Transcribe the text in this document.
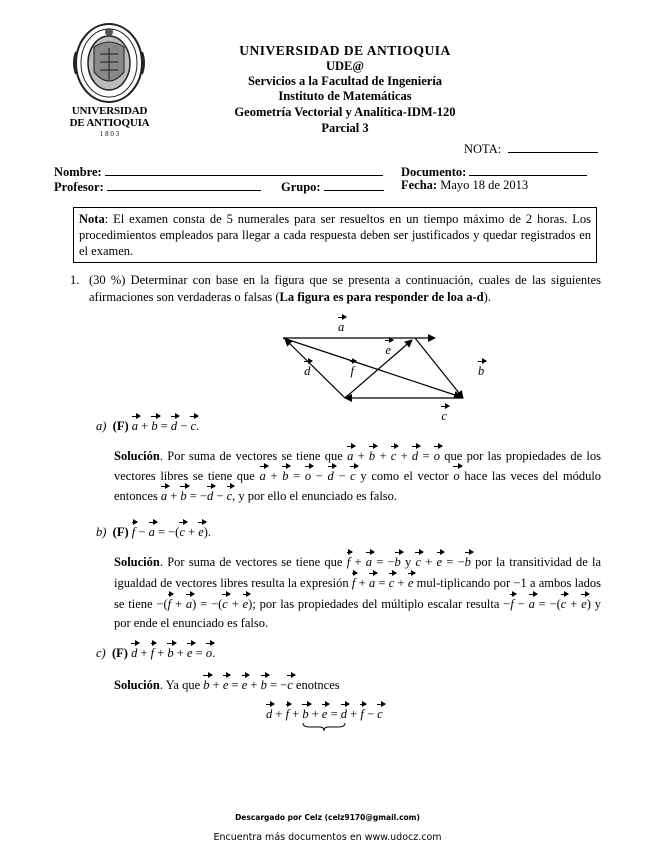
UNIVERSIDAD
DE ANTIOQUIA
1 8 0 3
UNIVERSIDAD DE ANTIOQUIA
UDE@
Servicios a la Facultad de Ingeniería
Instituto de Matemáticas
Geometría Vectorial y Analítica-IDM-120
Parcial 3
NOTA:
Nombre:	Documento:
Profesor:	Grupo:	Fecha: Mayo 18 de 2013
Nota: El examen consta de 5 numerales para ser resueltos en un tiempo máximo de 2 horas. Los procedimientos empleados para llegar a cada respuesta deben ser justificados y quedar registrados en el examen.
1. (30 %) Determinar con base en la figura que se presenta a continuación, cuales de las siguientes afirmaciones son verdaderas o falsas (La figura es para responder de loa a-d).
a e d	f	b c
a) (F) a + b = d − c.
Solución. Por suma de vectores se tiene que a + b + c + d = o que por las propiedades de los vectores libres se tiene que a + b = o − d − c y como el vector o hace las veces del módulo entonces a + b = −d − c, y por ello el enunciado es falso.
b) (F) f − a = −(c + e).
Solución. Por suma de vectores se tiene que f + a = −b y c + e = −b por la transitividad de la igualdad de vectores libres resulta la expresión f + a = c + e mul-tiplicando por −1 a ambos lados se tiene −(f + a) = −(c + e); por las propiedades del múltiplo escalar resulta −f − a = −(c + e) y por ende el enunciado es falso.
c) (F) d + f + b + e = o.
Solución. Ya que b + e = e + b = −c enotnces
d + f + b + e
= d + f − c
Descargado por Celz (celz9170@gmail.com)
Encuentra más documentos en www.udocz.com
